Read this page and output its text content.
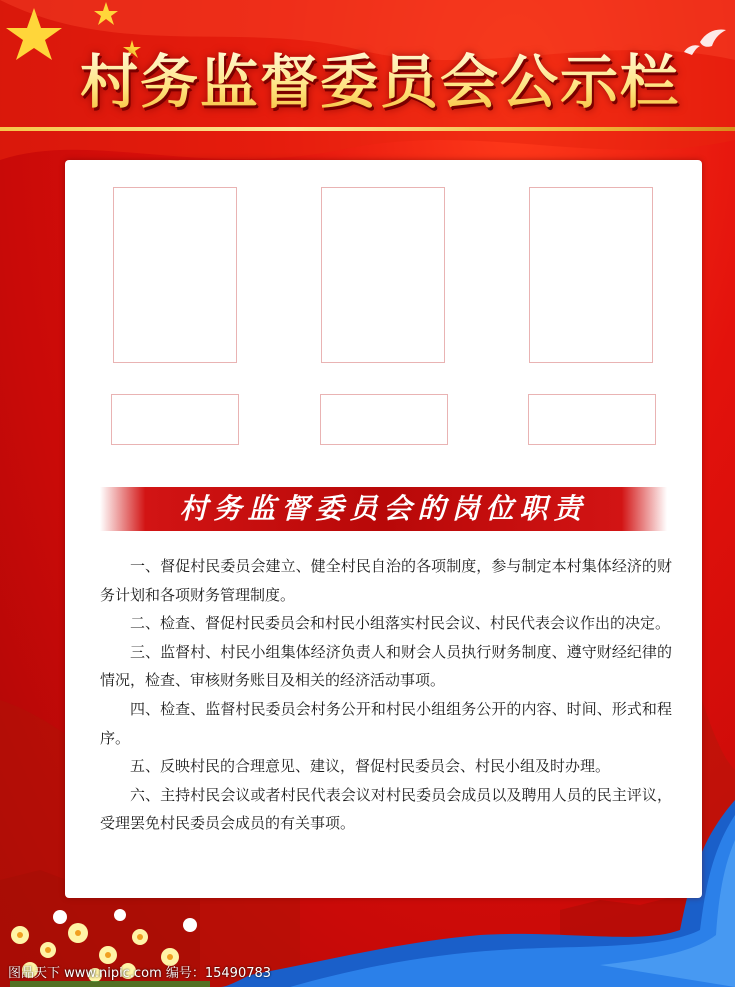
村务监督委员会公示栏
村务监督委员会的岗位职责

一、督促村民委员会建立、健全村民自治的各项制度，参与制定本村集体经济的财务计划和各项财务管理制度。

二、检查、督促村民委员会和村民小组落实村民会议、村民代表会议作出的决定。

三、监督村、村民小组集体经济负责人和财会人员执行财务制度、遵守财经纪律的情况，检查、审核财务账目及相关的经济活动事项。

四、检查、监督村民委员会村务公开和村民小组组务公开的内容、时间、形式和程序。

五、反映村民的合理意见、建议，督促村民委员会、村民小组及时办理。

六、主持村民会议或者村民代表会议对村民委员会成员以及聘用人员的民主评议，受理罢免村民委员会成员的有关事项。

图品天下 www.nipic.com 编号：15490783
